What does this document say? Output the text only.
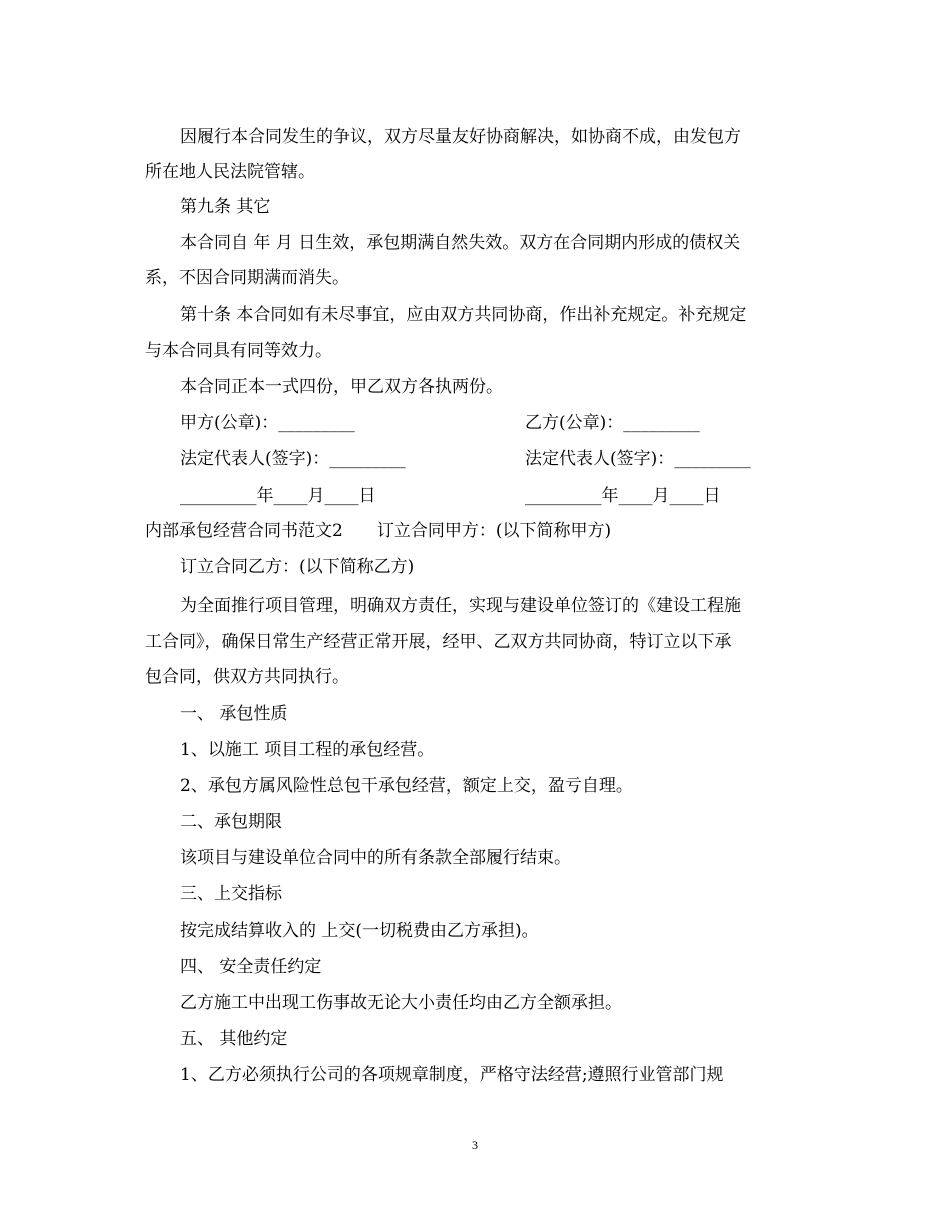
因履行本合同发生的争议，双方尽量友好协商解决，如协商不成，由发包方
所在地人民法院管辖。
第九条 其它
本合同自 年 月 日生效，承包期满自然失效。双方在合同期内形成的债权关
系，不因合同期满而消失。
第十条 本合同如有未尽事宜，应由双方共同协商，作出补充规定。补充规定
与本合同具有同等效力。
本合同正本一式四份，甲乙双方各执两份。
甲方(公章)：_________	乙方(公章)：_________
法定代表人(签字)：_________	法定代表人(签字)：_________
_________年____月____日	_________年____月____日
内部承包经营合同书范文2　　订立合同甲方：(以下简称甲方)
订立合同乙方：(以下简称乙方)
为全面推行项目管理，明确双方责任，实现与建设单位签订的《建设工程施
工合同》，确保日常生产经营正常开展，经甲、乙双方共同协商，特订立以下承
包合同，供双方共同执行。
一、 承包性质
1、以施工 项目工程的承包经营。
2、承包方属风险性总包干承包经营，额定上交，盈亏自理。
二、承包期限
该项目与建设单位合同中的所有条款全部履行结束。
三、上交指标
按完成结算收入的 上交(一切税费由乙方承担)。
四、 安全责任约定
乙方施工中出现工伤事故无论大小责任均由乙方全额承担。
五、 其他约定
1、乙方必须执行公司的各项规章制度，严格守法经营;遵照行业管部门规
3
